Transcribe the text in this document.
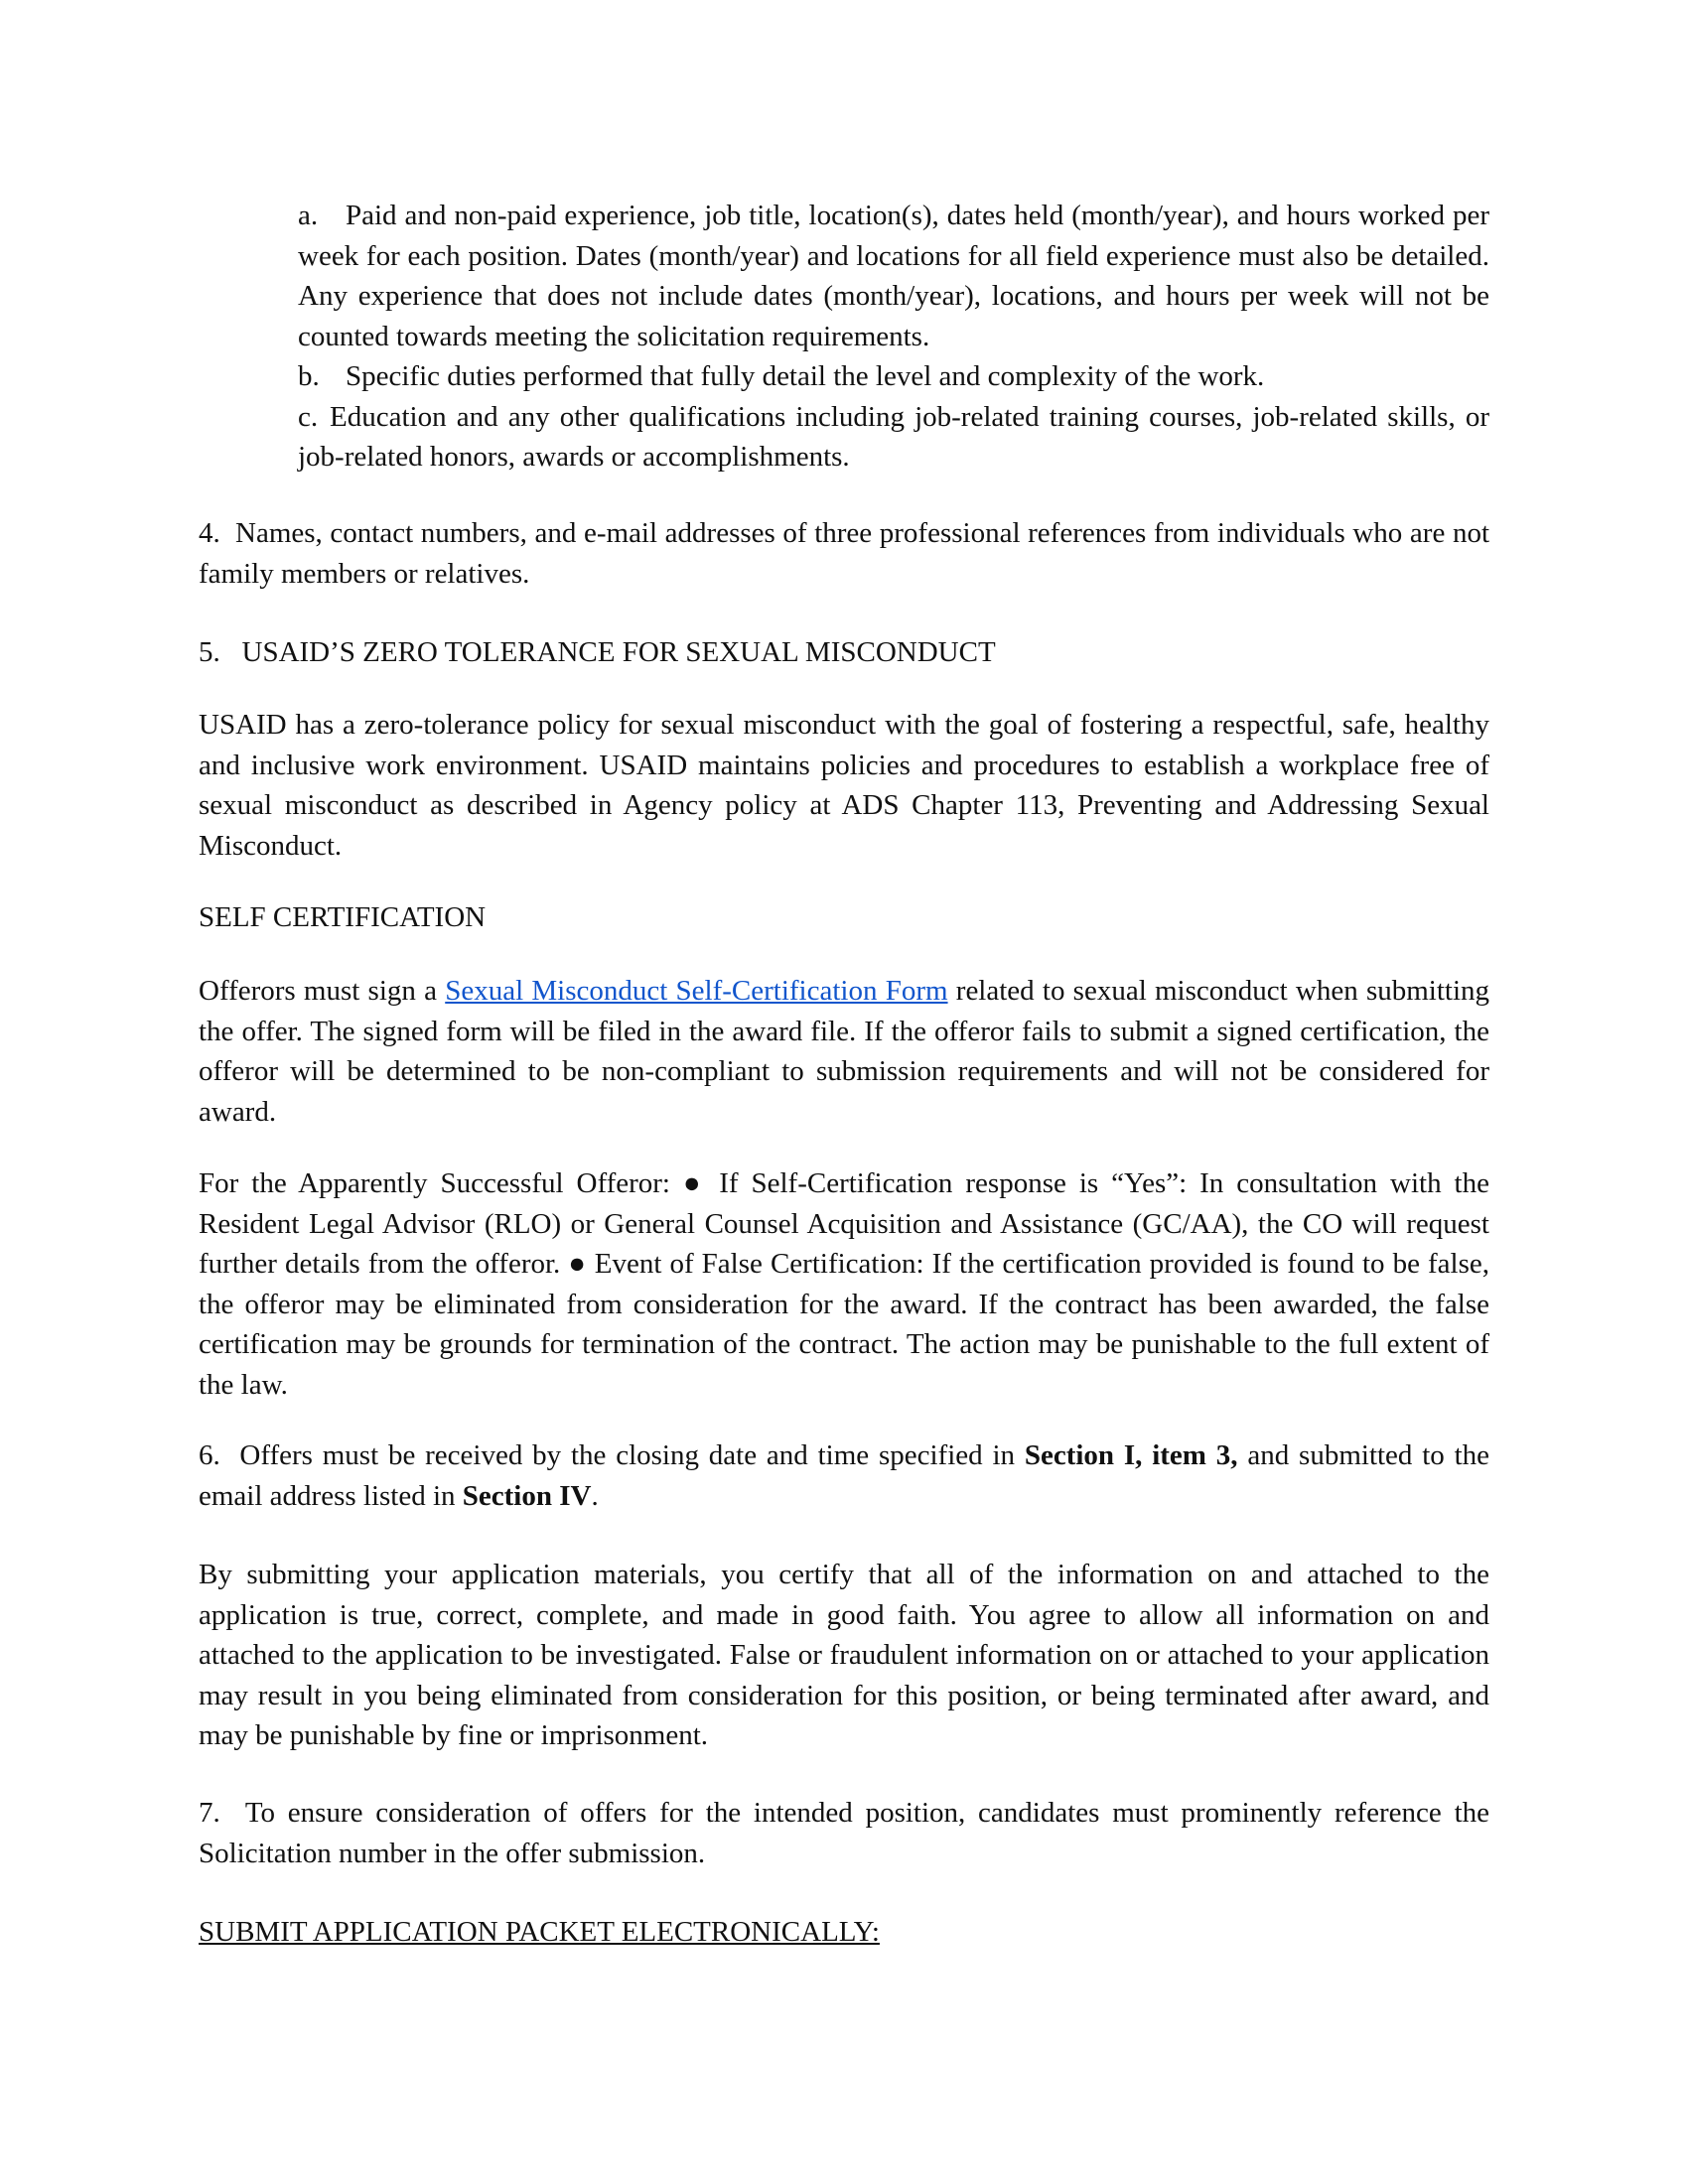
a. Paid and non-paid experience, job title, location(s), dates held (month/year), and hours worked per week for each position. Dates (month/year) and locations for all field experience must also be detailed. Any experience that does not include dates (month/year), locations, and hours per week will not be counted towards meeting the solicitation requirements.

b. Specific duties performed that fully detail the level and complexity of the work.

c. Education and any other qualifications including job-related training courses, job-related skills, or job-related honors, awards or accomplishments.

4. Names, contact numbers, and e-mail addresses of three professional references from individuals who are not family members or relatives.

5. USAID’S ZERO TOLERANCE FOR SEXUAL MISCONDUCT

USAID has a zero-tolerance policy for sexual misconduct with the goal of fostering a respectful, safe, healthy and inclusive work environment. USAID maintains policies and procedures to establish a workplace free of sexual misconduct as described in Agency policy at ADS Chapter 113, Preventing and Addressing Sexual Misconduct.

SELF CERTIFICATION

Offerors must sign a Sexual Misconduct Self-Certification Form related to sexual misconduct when submitting the offer. The signed form will be filed in the award file. If the offeror fails to submit a signed certification, the offeror will be determined to be non-compliant to submission requirements and will not be considered for award.

For the Apparently Successful Offeror: ● If Self-Certification response is “Yes”: In consultation with the Resident Legal Advisor (RLO) or General Counsel Acquisition and Assistance (GC/AA), the CO will request further details from the offeror. ● Event of False Certification: If the certification provided is found to be false, the offeror may be eliminated from consideration for the award. If the contract has been awarded, the false certification may be grounds for termination of the contract. The action may be punishable to the full extent of the law.

6. Offers must be received by the closing date and time specified in Section I, item 3, and submitted to the email address listed in Section IV.

By submitting your application materials, you certify that all of the information on and attached to the application is true, correct, complete, and made in good faith. You agree to allow all information on and attached to the application to be investigated. False or fraudulent information on or attached to your application may result in you being eliminated from consideration for this position, or being terminated after award, and may be punishable by fine or imprisonment.

7. To ensure consideration of offers for the intended position, candidates must prominently reference the Solicitation number in the offer submission.

SUBMIT APPLICATION PACKET ELECTRONICALLY:
